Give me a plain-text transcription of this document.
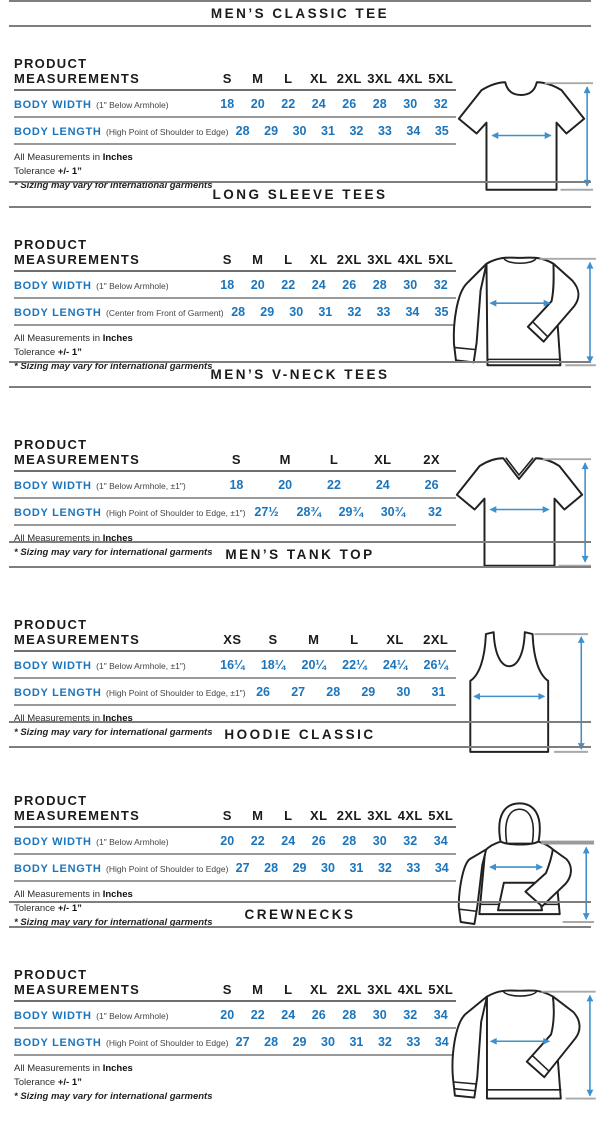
MEN’S CLASSIC TEE
PRODUCT MEASUREMENTS	S	M	L	XL 2XL 3XL 4XL 5XL
BODY WIDTH (1" Below Armhole)	18	20	22	24	26	28	30	32
BODY LENGTH (High Point of Shoulder to Edge) 28	29	30	31	32	33	34	35

All Measurements in Inches

Tolerance +/- 1”

* Sizing may vary for international garments

LONG SLEEVE TEES
PRODUCT MEASUREMENTS	S	M	L	XL 2XL 3XL 4XL 5XL
BODY WIDTH (1" Below Armhole)	18	20	22	24	26	28	30	32
BODY LENGTH (Center from Front of Garment) 28	29	30	31	32	33	34	35

All Measurements in Inches

Tolerance +/- 1”

* Sizing may vary for international garments

MEN’S V-NECK TEES
PRODUCT MEASUREMENTS	S	M	L	XL	2X
BODY WIDTH (1" Below Armhole, ±1")	18	20	22	24	26
BODY LENGTH (High Point of Shoulder to Edge, ±1") 27½	28¾	29¾	30¾	32

All Measurements in Inches

* Sizing may vary for international garments MEN’S TANK TOP
PRODUCT MEASUREMENTS	XS	S	M	L	XL	2XL
BODY WIDTH (1" Below Armhole, ±1")	16¼	18¼	20¼	22¼	24¼	26¼
BODY LENGTH (High Point of Shoulder to Edge, ±1") 26	27	28	29	30	31

All Measurements in Inches

* Sizing may vary for international garments HOODIE CLASSIC
PRODUCT MEASUREMENTS	S	M	L	XL 2XL 3XL 4XL 5XL
BODY WIDTH (1" Below Armhole)	20	22	24	26	28	30	32	34
BODY LENGTH (High Point of Shoulder to Edge) 27	28	29	30	31	32	33	34

All Measurements in Inches

Tolerance +/- 1”

* Sizing may vary for international garments

CREWNECKS
PRODUCT MEASUREMENTS	S	M	L	XL 2XL 3XL 4XL 5XL
BODY WIDTH (1" Below Armhole)	20	22	24	26	28	30	32	34
BODY LENGTH (High Point of Shoulder to Edge) 27	28	29	30	31	32	33	34

All Measurements in Inches

Tolerance +/- 1”

* Sizing may vary for international garments
